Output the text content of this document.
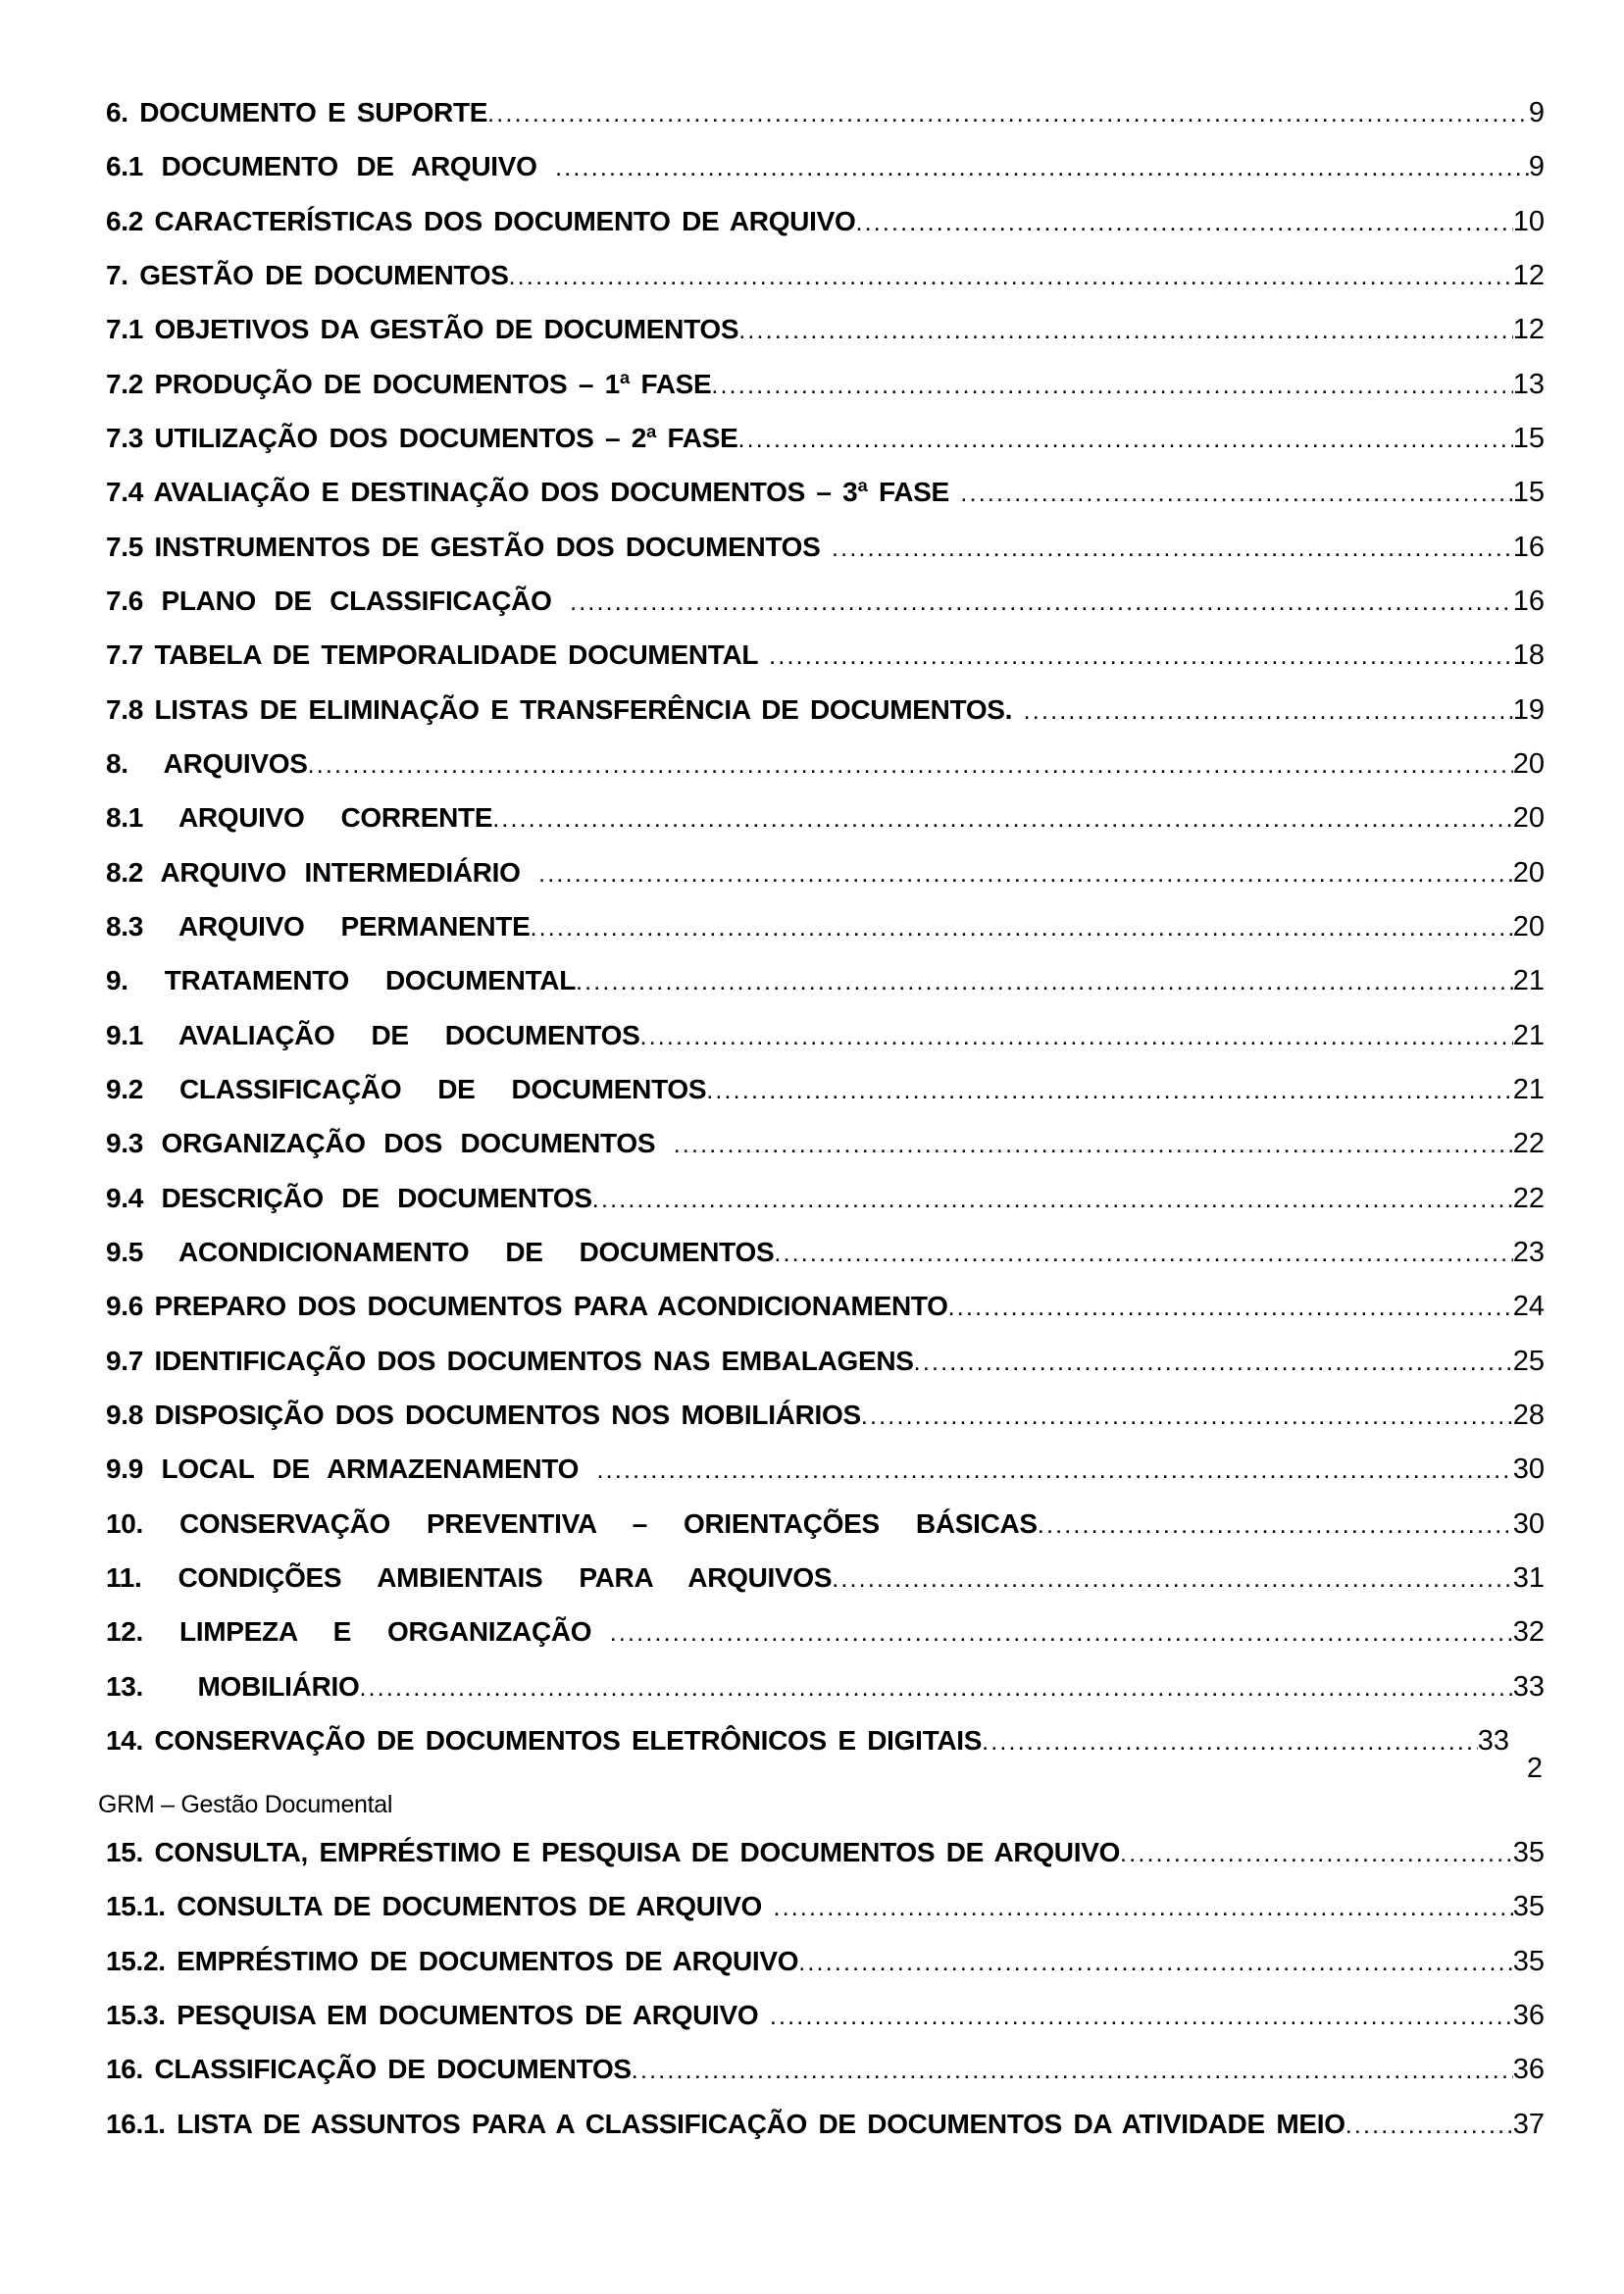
6. DOCUMENTO E SUPORTE .....	9
6.1 DOCUMENTO DE ARQUIVO .....	9
6.2 CARACTERÍSTICAS DOS DOCUMENTO DE ARQUIVO .....	10
7. GESTÃO DE DOCUMENTOS .....	12
7.1 OBJETIVOS DA GESTÃO DE DOCUMENTOS .....	12
7.2 PRODUÇÃO DE DOCUMENTOS – 1ª FASE .....	13
7.3 UTILIZAÇÃO DOS DOCUMENTOS – 2ª FASE .....	15
7.4 AVALIAÇÃO E DESTINAÇÃO DOS DOCUMENTOS – 3ª FASE .....	15
7.5 INSTRUMENTOS DE GESTÃO DOS DOCUMENTOS .....	16
7.6 PLANO DE CLASSIFICAÇÃO .....	16
7.7 TABELA DE TEMPORALIDADE DOCUMENTAL .....	18
7.8 LISTAS DE ELIMINAÇÃO E TRANSFERÊNCIA DE DOCUMENTOS. .....	19
8.  ARQUIVOS .....	20
8.1  ARQUIVO  CORRENTE .....	20
8.2 ARQUIVO INTERMEDIÁRIO .....	20
8.3  ARQUIVO  PERMANENTE .....	20
9.  TRATAMENTO  DOCUMENTAL .....	21
9.1  AVALIAÇÃO  DE  DOCUMENTOS .....	21
9.2  CLASSIFICAÇÃO  DE  DOCUMENTOS .....	21
9.3 ORGANIZAÇÃO DOS DOCUMENTOS .....	22
9.4 DESCRIÇÃO DE DOCUMENTOS .....	22
9.5  ACONDICIONAMENTO  DE  DOCUMENTOS .....	23
9.6 PREPARO DOS DOCUMENTOS PARA ACONDICIONAMENTO .....	24
9.7 IDENTIFICAÇÃO DOS DOCUMENTOS NAS EMBALAGENS .....	25
9.8 DISPOSIÇÃO DOS DOCUMENTOS NOS MOBILIÁRIOS .....	28
9.9 LOCAL DE ARMAZENAMENTO .....	30
10.  CONSERVAÇÃO  PREVENTIVA  –  ORIENTAÇÕES  BÁSICAS .....	30
11.  CONDIÇÕES  AMBIENTAIS  PARA  ARQUIVOS .....	31
12.  LIMPEZA  E  ORGANIZAÇÃO .....	32
13.   MOBILIÁRIO .....	33
14. CONSERVAÇÃO DE DOCUMENTOS ELETRÔNICOS E DIGITAIS .....	33
2
GRM – Gestão Documental
15. CONSULTA, EMPRÉSTIMO E PESQUISA DE DOCUMENTOS DE ARQUIVO .....	35
15.1. CONSULTA DE DOCUMENTOS DE ARQUIVO .....	35
15.2. EMPRÉSTIMO DE DOCUMENTOS DE ARQUIVO .....	35
15.3. PESQUISA EM DOCUMENTOS DE ARQUIVO .....	36
16. CLASSIFICAÇÃO DE DOCUMENTOS .....	36
16.1. LISTA DE ASSUNTOS PARA A CLASSIFICAÇÃO DE DOCUMENTOS DA ATIVIDADE MEIO .....	37
